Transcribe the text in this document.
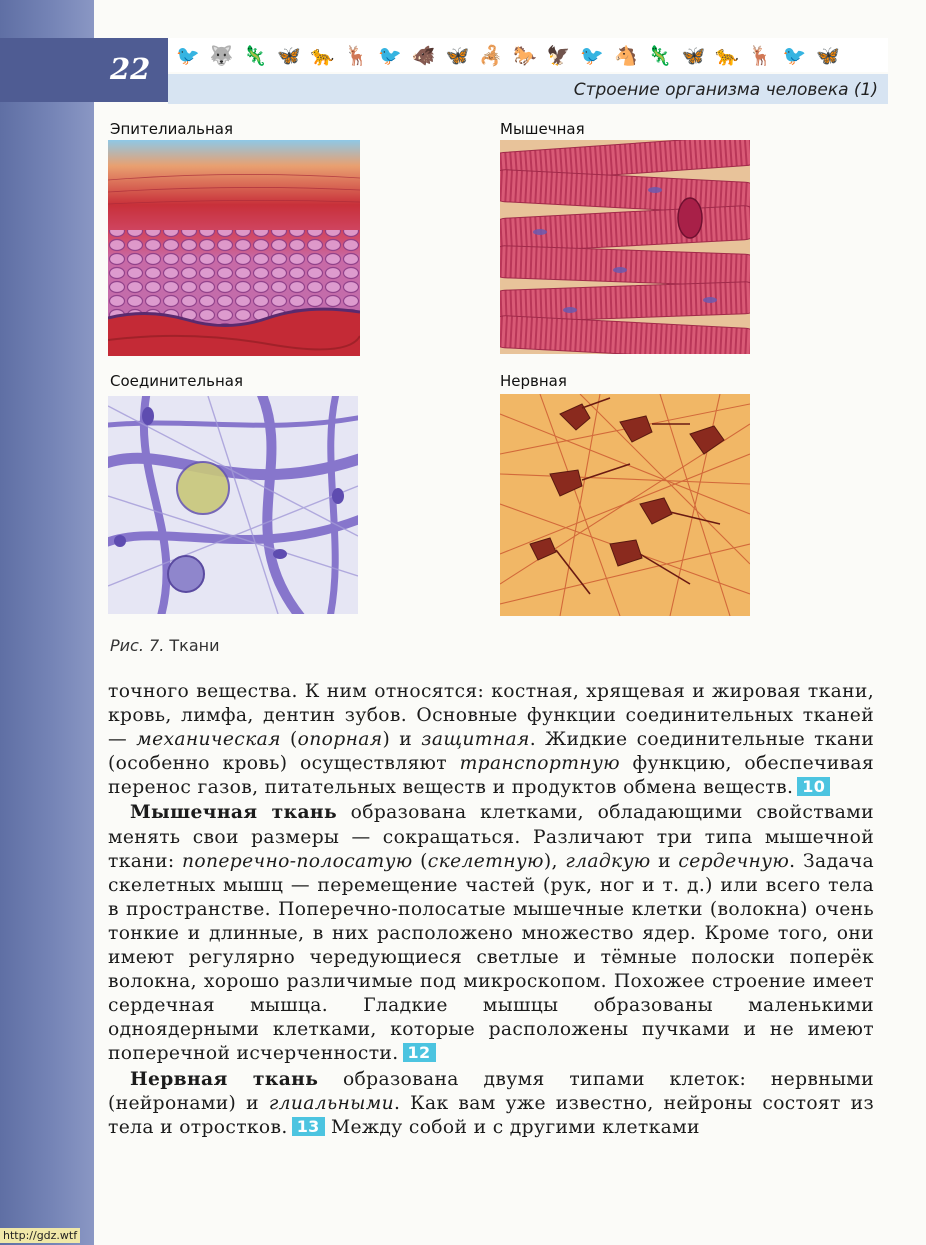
22	🐦 🐺 🦎 🦋 🐆 🦌 🐦 🐗 🦋 🦂 🐎 🦅 🐦 🐴 🦎 🦋 🐆 🦌 🐦 🦋
Строение организма человека (1)
Эпителиальная	Мышечная
Соединительная	Нервная
Рис. 7. Ткани

точного вещества. К ним относятся: костная, хрящевая и жировая ткани, кровь, лимфа, дентин зубов. Основные функции соединительных тканей — механическая (опорная) и защитная. Жидкие соединительные ткани (особенно кровь) осуществляют транспортную функцию, обеспечивая перенос газов, питательных веществ и продуктов обмена веществ. 10

Мышечная ткань образована клетками, обладающими свойствами менять свои размеры — сокращаться. Различают три типа мышечной ткани: поперечно-полосатую (скелетную), гладкую и сердечную. Задача скелетных мышц — перемещение частей (рук, ног и т. д.) или всего тела в пространстве. Поперечно-полосатые мышечные клетки (волокна) очень тонкие и длинные, в них расположено множество ядер. Кроме того, они имеют регулярно чередующиеся светлые и тёмные полоски поперёк волокна, хорошо различимые под микроскопом. Похожее строение имеет сердечная мышца. Гладкие мышцы образованы маленькими одноядерными клетками, которые расположены пучками и не имеют поперечной исчерченности. 12

Нервная ткань образована двумя типами клеток: нервными (нейронами) и глиальными. Как вам уже известно, нейроны состоят из тела и отростков. 13 Между собой и с другими клетками

http://gdz.wtf
